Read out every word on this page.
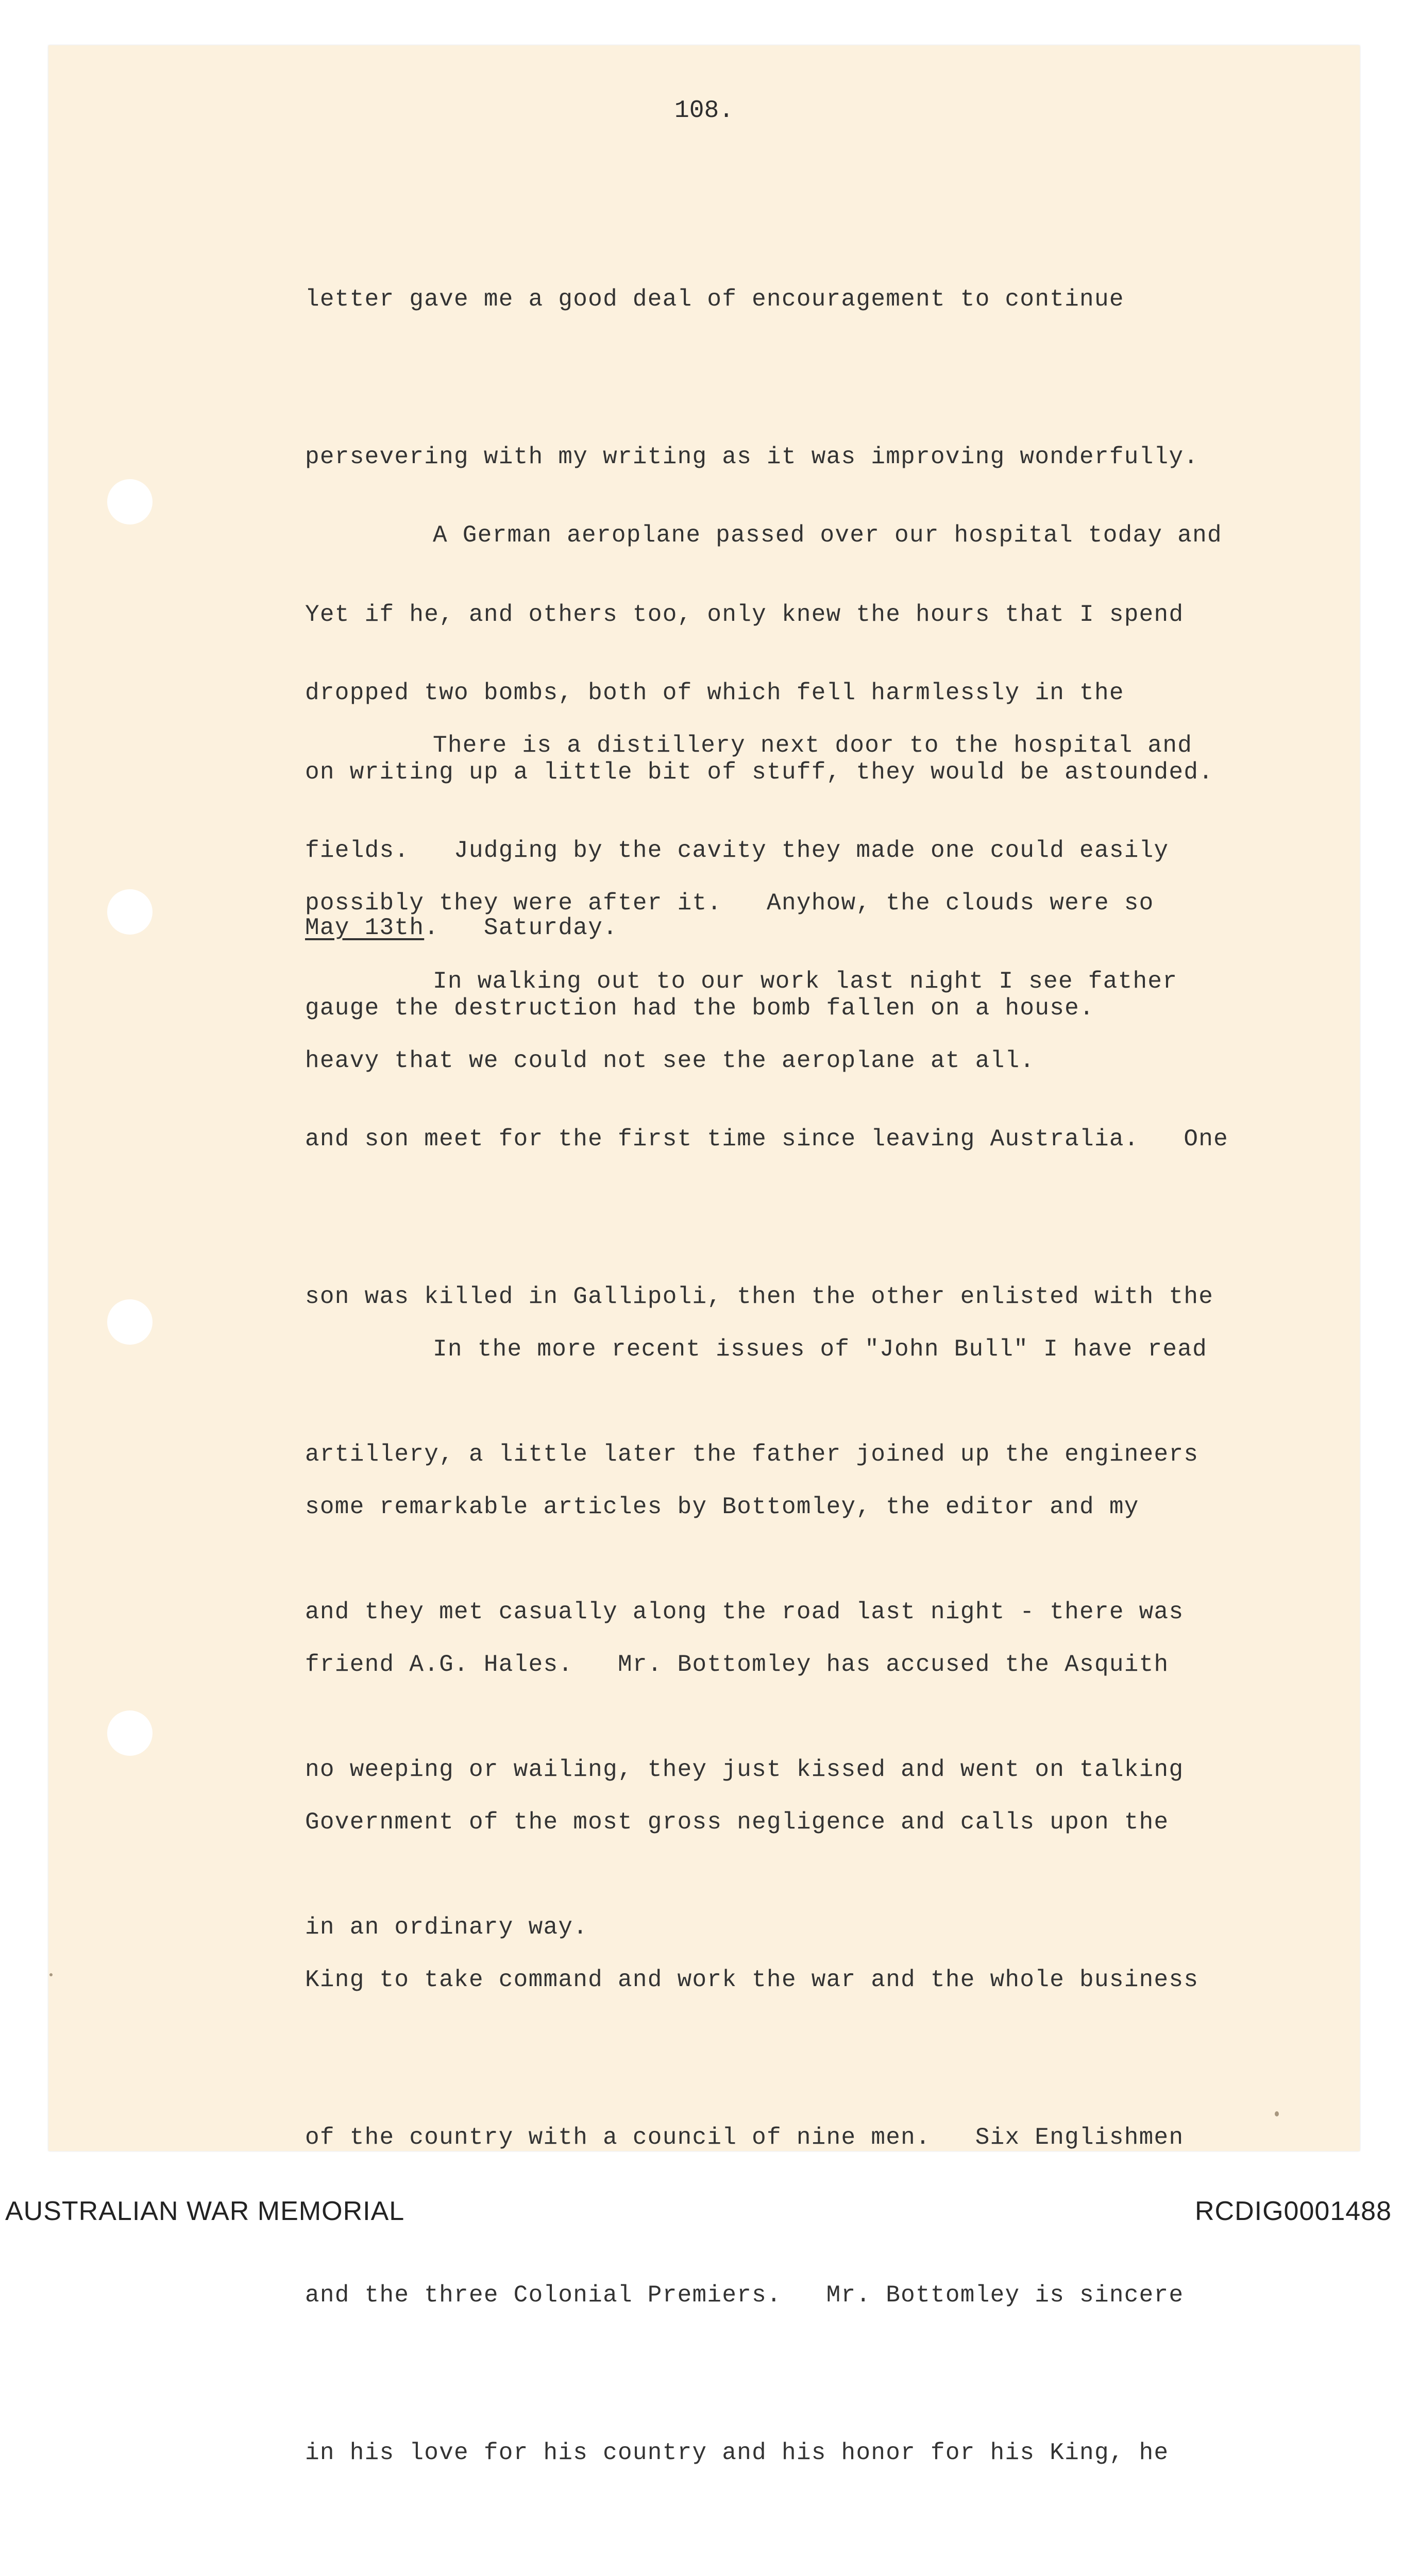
108.

letter gave me a good deal of encouragement to continue

persevering with my writing as it was improving wonderfully.

Yet if he, and others too, only knew the hours that I spend

on writing up a little bit of stuff, they would be astounded.

A German aeroplane passed over our hospital today and

dropped two bombs, both of which fell harmlessly in the

fields.   Judging by the cavity they made one could easily

gauge the destruction had the bomb fallen on a house.

There is a distillery next door to the hospital and

possibly they were after it.   Anyhow, the clouds were so

heavy that we could not see the aeroplane at all.

May 13th.   Saturday.

In walking out to our work last night I see father

and son meet for the first time since leaving Australia.   One

son was killed in Gallipoli, then the other enlisted with the

artillery, a little later the father joined up the engineers

and they met casually along the road last night - there was

no weeping or wailing, they just kissed and went on talking

in an ordinary way.

In the more recent issues of "John Bull" I have read

some remarkable articles by Bottomley, the editor and my

friend A.G. Hales.   Mr. Bottomley has accused the Asquith

Government of the most gross negligence and calls upon the

King to take command and work the war and the whole business

of the country with a council of nine men.   Six Englishmen

and the three Colonial Premiers.   Mr. Bottomley is sincere

in his love for his country and his honor for his King, he

AUSTRALIAN WAR MEMORIAL	RCDIG0001488
